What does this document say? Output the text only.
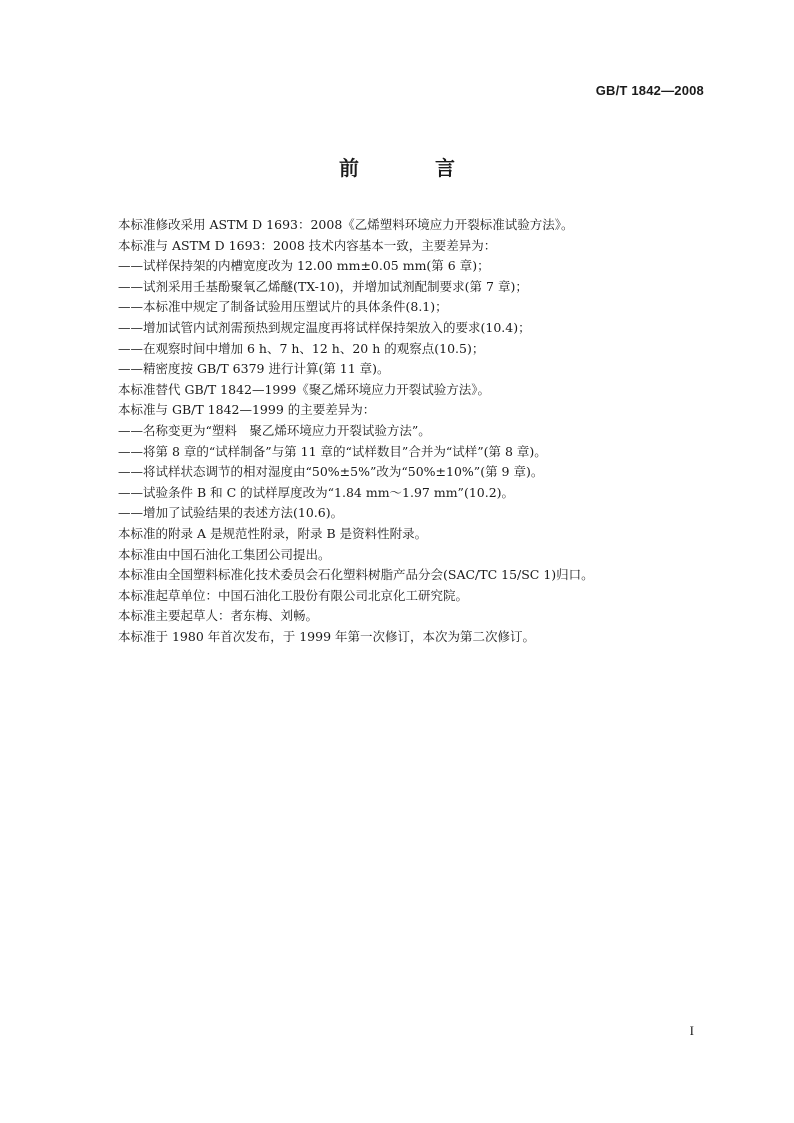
GB/T 1842—2008
前　言
本标准修改采用 ASTM D 1693：2008《乙烯塑料环境应力开裂标准试验方法》。
本标准与 ASTM D 1693：2008 技术内容基本一致，主要差异为：
——试样保持架的内槽宽度改为 12.00 mm±0.05 mm(第 6 章)；
——试剂采用壬基酚聚氧乙烯醚(TX-10)，并增加试剂配制要求(第 7 章)；
——本标准中规定了制备试验用压塑试片的具体条件(8.1)；
——增加试管内试剂需预热到规定温度再将试样保持架放入的要求(10.4)；
——在观察时间中增加 6 h、7 h、12 h、20 h 的观察点(10.5)；
——精密度按 GB/T 6379 进行计算(第 11 章)。
本标准替代 GB/T 1842—1999《聚乙烯环境应力开裂试验方法》。
本标准与 GB/T 1842—1999 的主要差异为：
——名称变更为“塑料　聚乙烯环境应力开裂试验方法”。
——将第 8 章的“试样制备”与第 11 章的“试样数目”合并为“试样”(第 8 章)。
——将试样状态调节的相对湿度由“50%±5%”改为“50%±10%”(第 9 章)。
——试验条件 B 和 C 的试样厚度改为“1.84 mm～1.97 mm”(10.2)。
——增加了试验结果的表述方法(10.6)。
本标准的附录 A 是规范性附录，附录 B 是资料性附录。
本标准由中国石油化工集团公司提出。
本标准由全国塑料标准化技术委员会石化塑料树脂产品分会(SAC/TC 15/SC 1)归口。
本标准起草单位：中国石油化工股份有限公司北京化工研究院。
本标准主要起草人：者东梅、刘畅。
本标准于 1980 年首次发布，于 1999 年第一次修订，本次为第二次修订。
I
